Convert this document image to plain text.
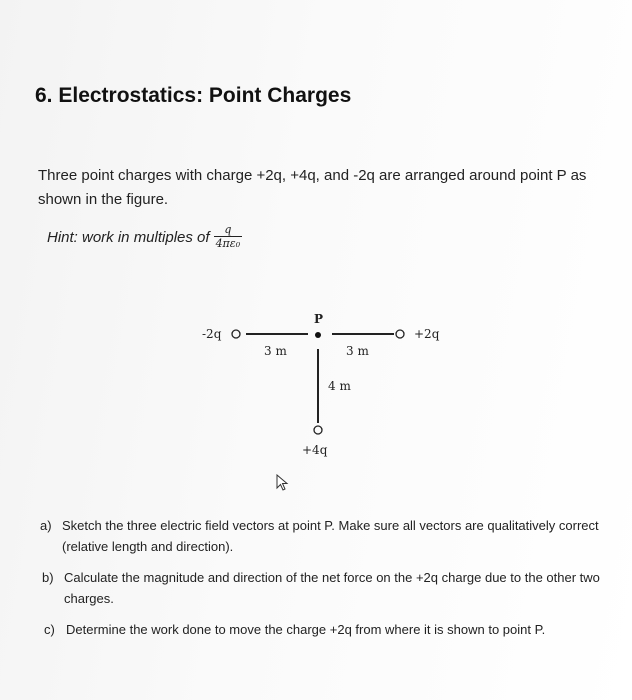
6. Electrostatics: Point Charges
Three point charges with charge +2q, +4q, and -2q are arranged around point P as shown in the figure.
Hint: work in multiples of $\frac{q}{\text{4πε₀}}$
P
-2q	+2q
+4q
3 m	3 m
4 m
a) Sketch the three electric field vectors at point P. Make sure all vectors are qualitatively correct (relative length and direction).
b) Calculate the magnitude and direction of the net force on the +2q charge due to the other two charges.
c) Determine the work done to move the charge +2q from where it is shown to point P.
